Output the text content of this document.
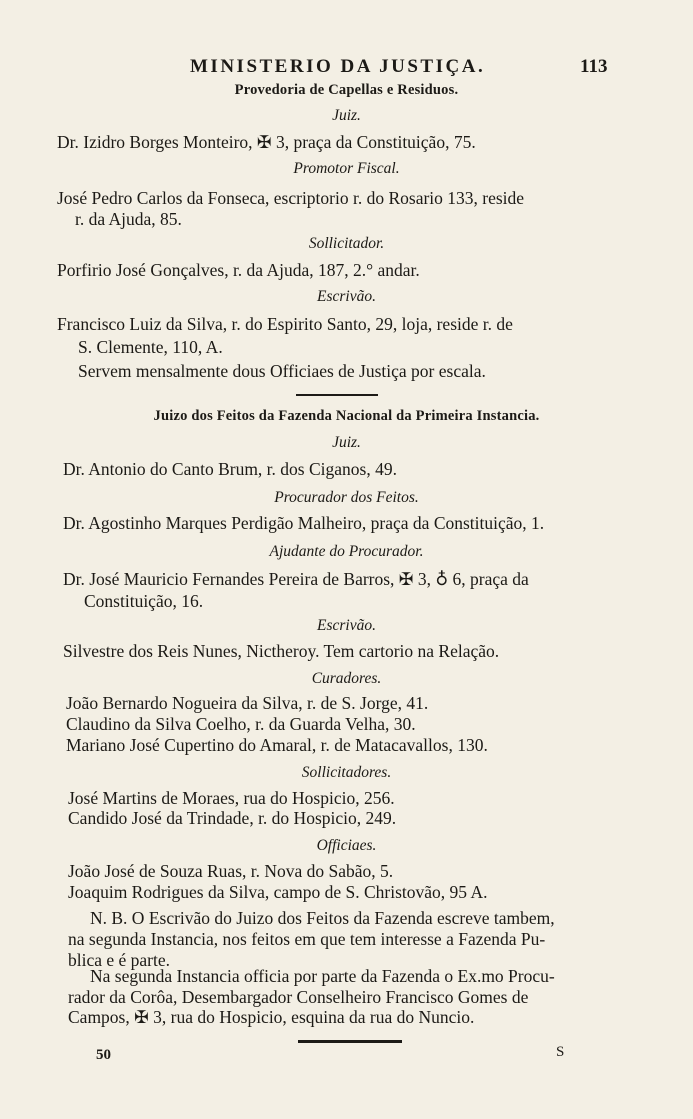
MINISTERIO DA JUSTIÇA.	113
Provedoria de Capellas e Residuos.
Juiz.
Dr. Izidro Borges Monteiro, ✠ 3, praça da Constituição, 75.
Promotor Fiscal.
José Pedro Carlos da Fonseca, escriptorio r. do Rosario 133, reside
r. da Ajuda, 85.
Sollicitador.
Porfirio José Gonçalves, r. da Ajuda, 187, 2.° andar.
Escrivão.
Francisco Luiz da Silva, r. do Espirito Santo, 29, loja, reside r. de
S. Clemente, 110, A.
Servem mensalmente dous Officiaes de Justiça por escala.
Juizo dos Feitos da Fazenda Nacional da Primeira Instancia.
Juiz.
Dr. Antonio do Canto Brum, r. dos Ciganos, 49.
Procurador dos Feitos.
Dr. Agostinho Marques Perdigão Malheiro, praça da Constituição, 1.
Ajudante do Procurador.
Dr. José Mauricio Fernandes Pereira de Barros, ✠ 3, ♁ 6, praça da
Constituição, 16.
Escrivão.
Silvestre dos Reis Nunes, Nictheroy. Tem cartorio na Relação.
Curadores.
João Bernardo Nogueira da Silva, r. de S. Jorge, 41.
Claudino da Silva Coelho, r. da Guarda Velha, 30.
Mariano José Cupertino do Amaral, r. de Matacavallos, 130.
Sollicitadores.
José Martins de Moraes, rua do Hospicio, 256.
Candido José da Trindade, r. do Hospicio, 249.
Officiaes.
João José de Souza Ruas, r. Nova do Sabão, 5.
Joaquim Rodrigues da Silva, campo de S. Christovão, 95 A.
N. B. O Escrivão do Juizo dos Feitos da Fazenda escreve tambem,
na segunda Instancia, nos feitos em que tem interesse a Fazenda Pu-
blica e é parte.
Na segunda Instancia officia por parte da Fazenda o Ex.mo Procu-
rador da Corôa, Desembargador Conselheiro Francisco Gomes de
Campos, ✠ 3, rua do Hospicio, esquina da rua do Nuncio.
50	S
